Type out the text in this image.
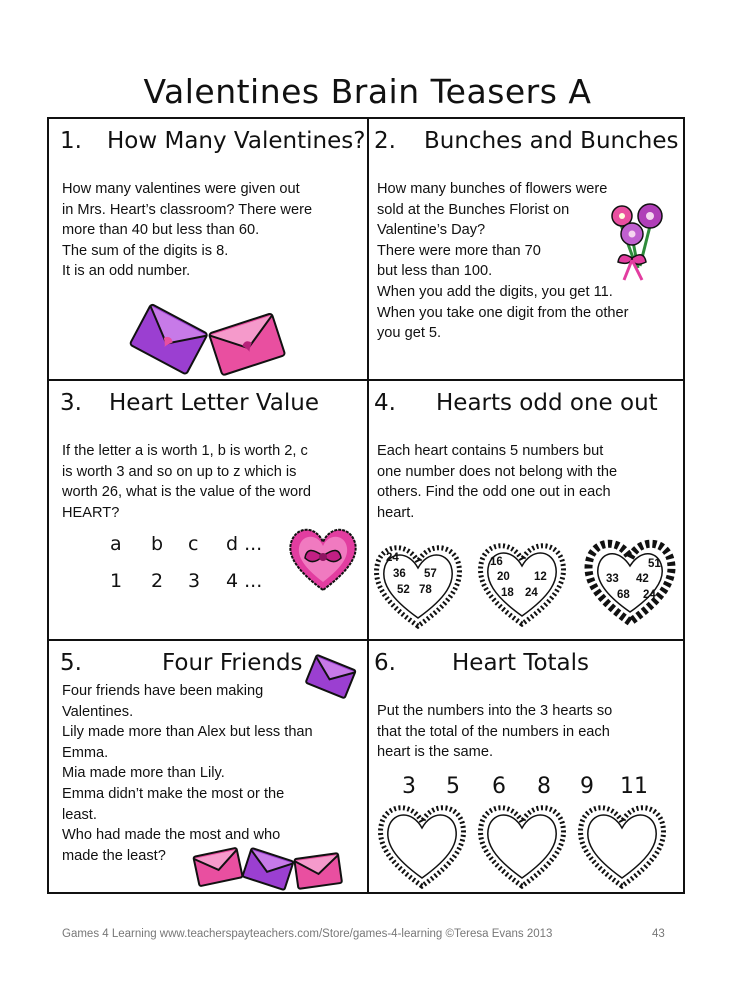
Valentines Brain Teasers A
1. How Many Valentines?
How many valentines were given out
in Mrs. Heart’s classroom? There were
more than 40 but less than 60.
The sum of the digits is 8.
It is an odd number.
2. Bunches and Bunches
How many bunches of flowers were
sold at the Bunches Florist on
Valentine’s Day?
There were more than 70
but less than 100.
When you add the digits, you get 11.
When you take one digit from the other
you get 5.
3. Heart Letter Value
If the letter a is worth 1, b is worth 2, c
is worth 3 and so on up to z which is
worth 26, what is the value of the word
HEART?
a b c d ...
1 2 3 4 ...
4. Hearts odd one out
Each heart contains 5 numbers but
one number does not belong with the
others. Find the odd one out in each
heart.
24
36 57
52 78
16
20 12
18 24
51
33 42
68 24
5.	Four Friends
Four friends have been making
Valentines.
Lily made more than Alex but less than
Emma.
Mia made more than Lily.
Emma didn’t make the most or the
least.
Who had made the most and who
made the least?
6. Heart Totals
Put the numbers into the 3 hearts so
that the total of the numbers in each
heart is the same.
3 5 6 8 9 11
Games 4 Learning www.teacherspayteachers.com/Store/games-4-learning ©Teresa Evans 2013	43
